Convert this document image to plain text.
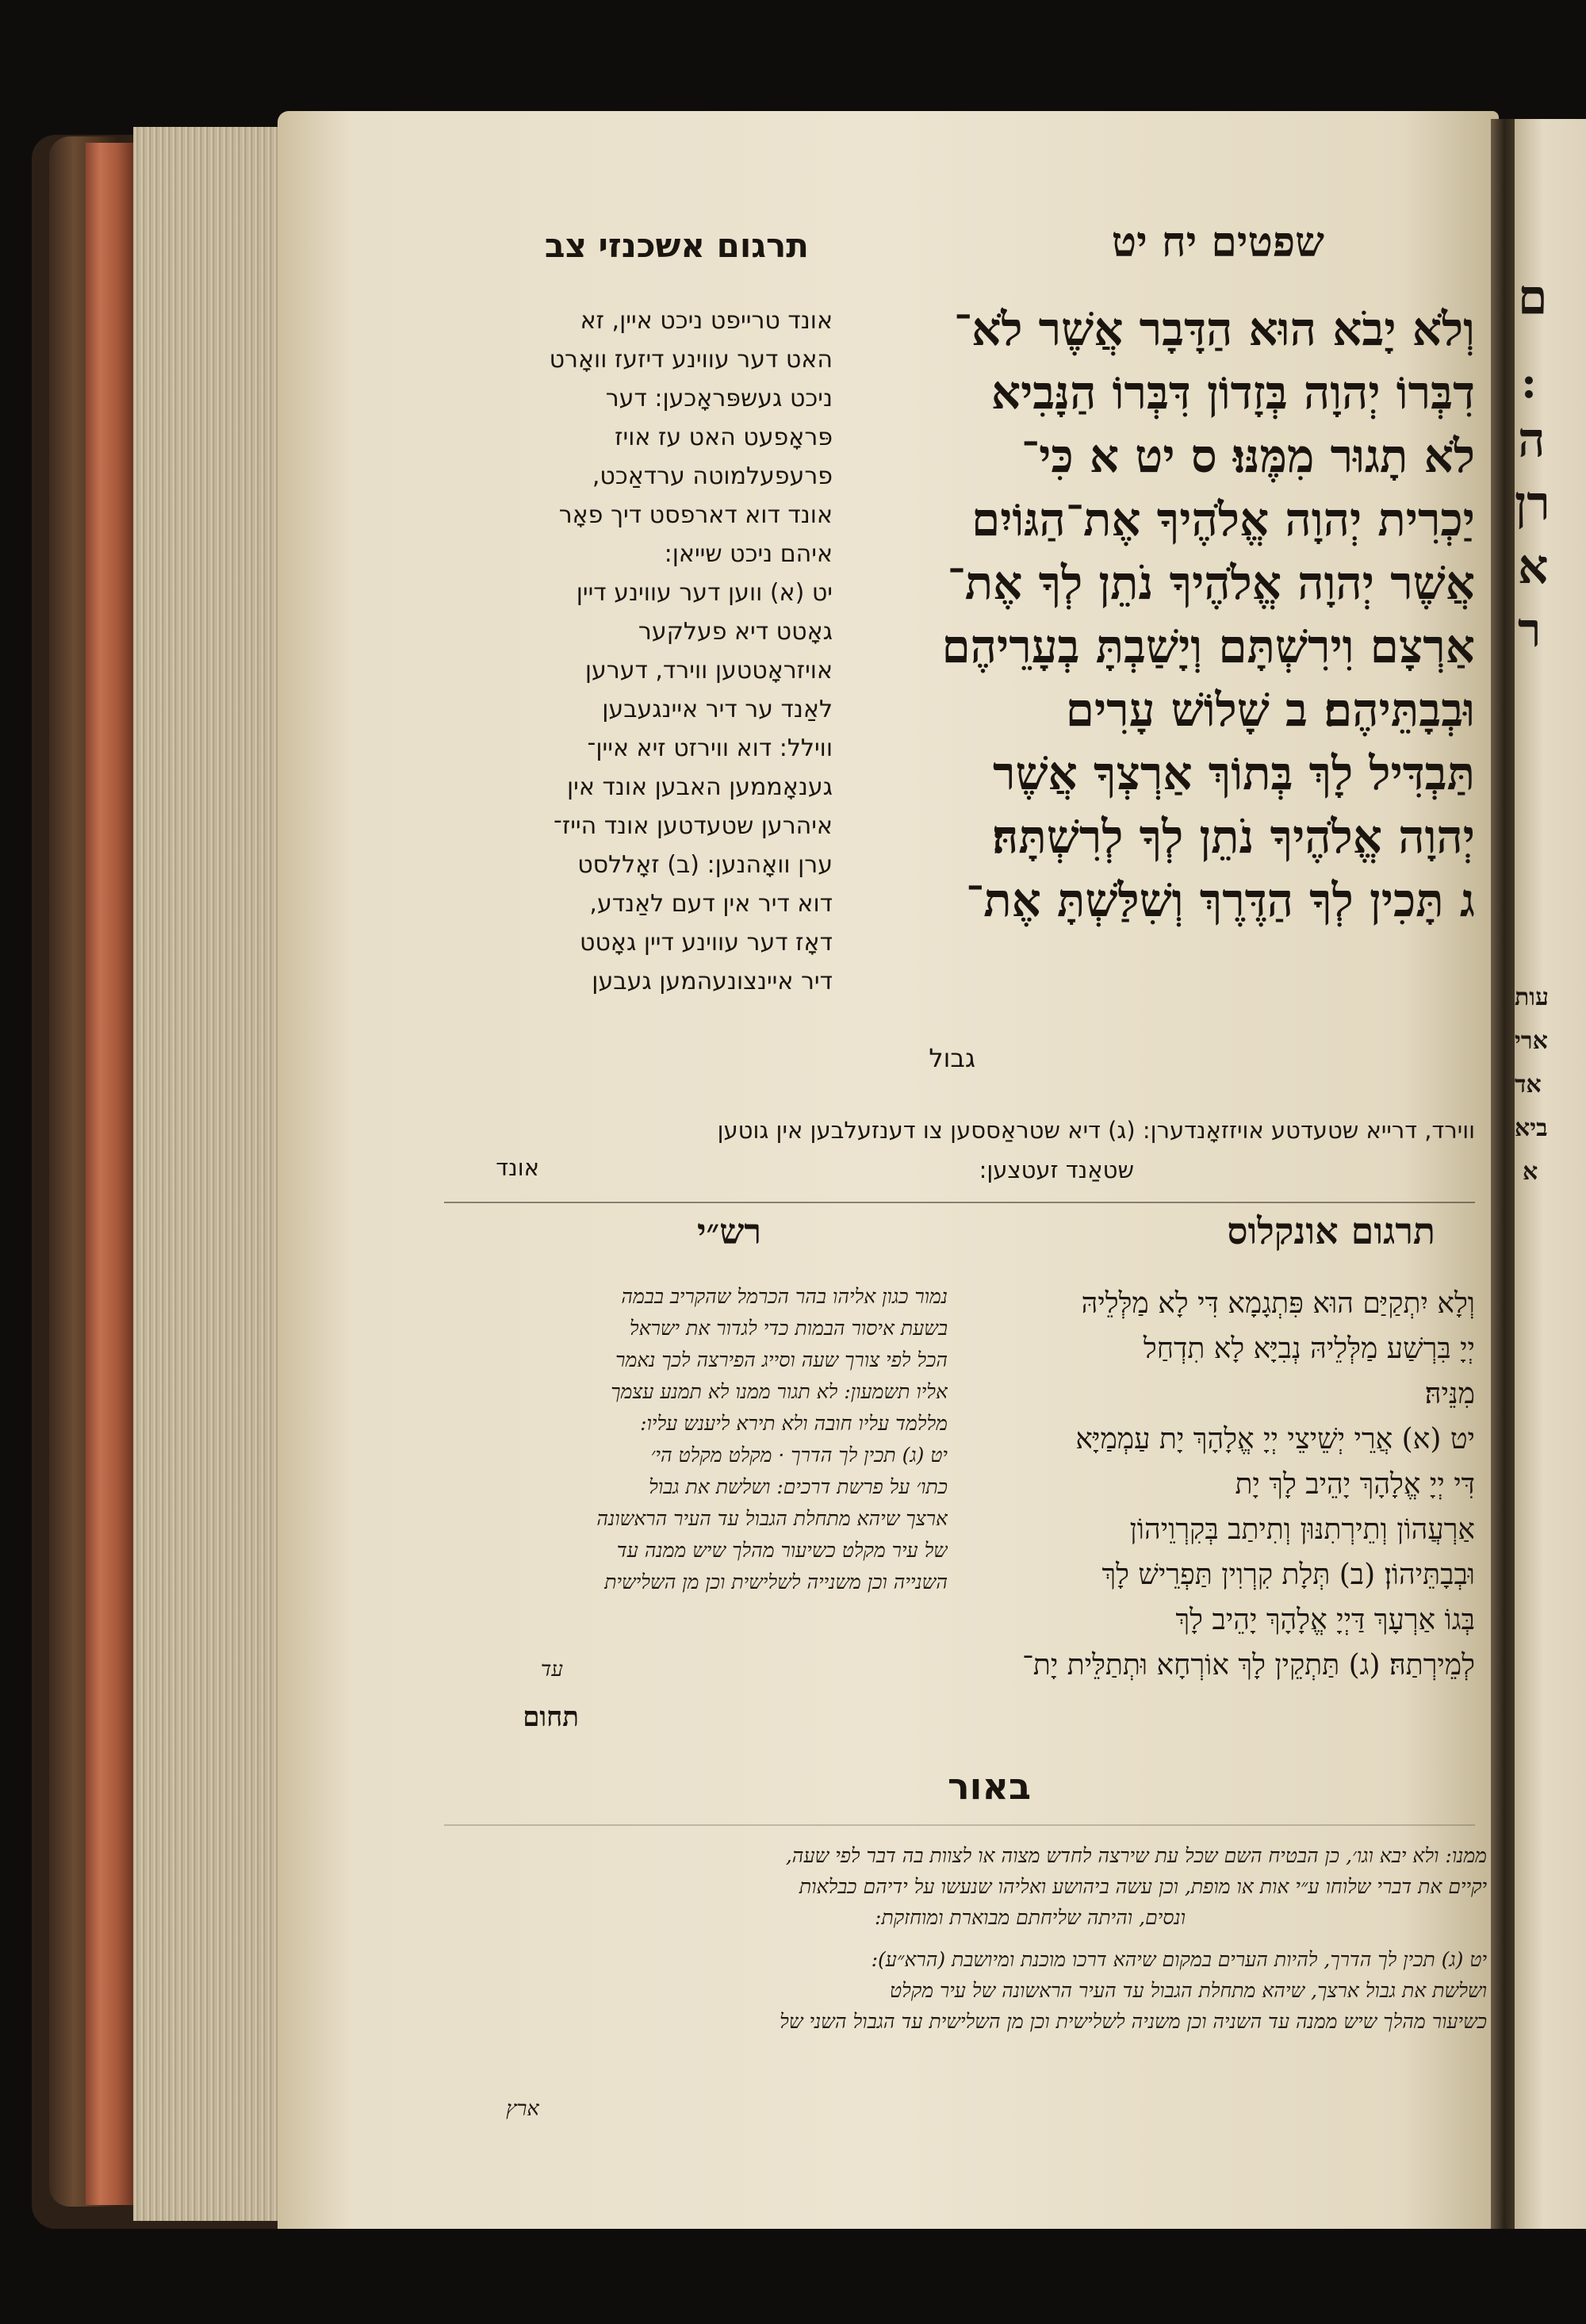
ם
:
ה
רן
א
ר
עות
ארי
אד
ביא
א
שפטים יח יט
תרגום אשכנזי צב
וְלֹא יָבֹא הוּא הַדָּבָר אֲשֶׁר לֹא־
דִבְּרוֹ יְהוָה בְּזָדוֹן דִּבְּרוֹ הַנָּבִיא
לֹא תָגוּר מִמֶּנּוּ׃ ס יט א כִּי־
יַכְרִית יְהוָה אֱלֹהֶיךָ אֶת־הַגּוֹיִם
אֲשֶׁר יְהוָה אֱלֹהֶיךָ נֹתֵן לְךָ אֶת־
אַרְצָם וִירִשְׁתָּם וְיָשַׁבְתָּ בְעָרֵיהֶם
וּבְבָתֵּיהֶם׃ ב שָׁלוֹשׁ עָרִים
תַּבְדִּיל לָךְ בְּתוֹךְ אַרְצְךָ אֲשֶׁר
יְהוָה אֱלֹהֶיךָ נֹתֵן לְךָ לְרִשְׁתָּהּ׃
ג תָּכִין לְךָ הַדֶּרֶךְ וְשִׁלַּשְׁתָּ אֶת־
גבול
אונד טרייפט ניכט איין, זא
האט דער עווינע דיזעז וואָרט
ניכט געשפּראָכען: דער
פּראָפעט האט עז אויז
פרעפעלמוטה ערדאַכט,
אונד דוא דארפסט דיך פאָר
איהם ניכט שייאן:
יט (א) ווען דער עווינע דיין
גאָטט דיא פעלקער
אויזראָטטען ווירד, דערען
לאַנד ער דיר איינגעבען
ווילל: דוא ווירזט זיא איין־
גענאָממען האבען אונד אין
איהרען שטעדטען אונד הייז־
ערן וואָהנען: (ב) זאָללסט
דוא דיר אין דעם לאַנדע,
דאָז דער עווינע דיין גאָטט
דיר איינצונעהמען געבען
ווירד, דרייא שטעדטע אויזזאָנדערן: (ג) דיא שטראַססען צו דענזעלבען אין גוטען
שטאַנד זעטצען:
אונד
תרגום אונקלוס
וְלָא יִתְקַיַּם הוּא פִּתְגָמָא דִּי לָא מַלְּלֵיהּ
יְיָ בִּרְשַׁע מַלְּלֵיהּ נְבִיָּא לָא תִדְחַל
מִנֵּיהּ׃
יט (א) אֲרֵי יְשֵׁיצֵי יְיָ אֱלָהָךְ יָת עַמְמַיָּא
דִּי יְיָ אֱלָהָךְ יָהֵיב לָךְ יָת
אַרְעֲהוֹן וְתֵירְתִנּוּן וְתִיתַב בְּקִרְוֵיהוֹן
וּבְבָתֵּיהוֹן׃ (ב) תְּלָת קִרְוִין תַּפְרֵישׁ לָךְ
בְּגוֹ אַרְעָךְ דַּיְיָ אֱלָהָךְ יָהֵיב לָךְ
לְמֵירְתַהּ׃ (ג) תַּתְקֵין לָךְ אוֹרְחָא וּתְתַלֵּית יָת־
רש״י
נמור כגון אליהו בהר הכרמל שהקריב בבמה
בשעת איסור הבמות כדי לגדור את ישראל
הכל לפי צורך שעה וסייג הפירצה לכך נאמר
אליו תשמעון: לא תגור ממנו לא תמנע עצמך
מללמד עליו חובה ולא תירא ליענש עליו:
יט (ג) תכין לך הדרך · מקלט מקלט הי׳
כתו׳ על פרשת דרכים: ושלשת את גבול
ארצך שיהא מתחלת הגבול עד העיר הראשונה
של עיר מקלט כשיעור מהלך שיש ממנה עד
השנייה וכן משנייה לשלישית וכן מן השלישית
עד
תחום
באור
ממנו: ולא יבא וגו׳, כן הבטיח השם שכל עת שירצה לחדש מצוה או לצוות בה דבר לפי שעה,
יקיים את דברי שלוחו ע״י אות או מופת, וכן עשה ביהושע ואליהו שנעשו על ידיהם כבלאות
ונסים, והיתה שליחתם מבוארת ומוחזקת:
יט (ג) תכין לך הדרך, להיות הערים במקום שיהא דרכו מוכנת ומיושבת (הרא״ע):
ושלשת את גבול ארצך, שיהא מתחלת הגבול עד העיר הראשונה של עיר מקלט
כשיעור מהלך שיש ממנה עד השניה וכן משניה לשלישית וכן מן השלישית עד הגבול השני של
ארץ
